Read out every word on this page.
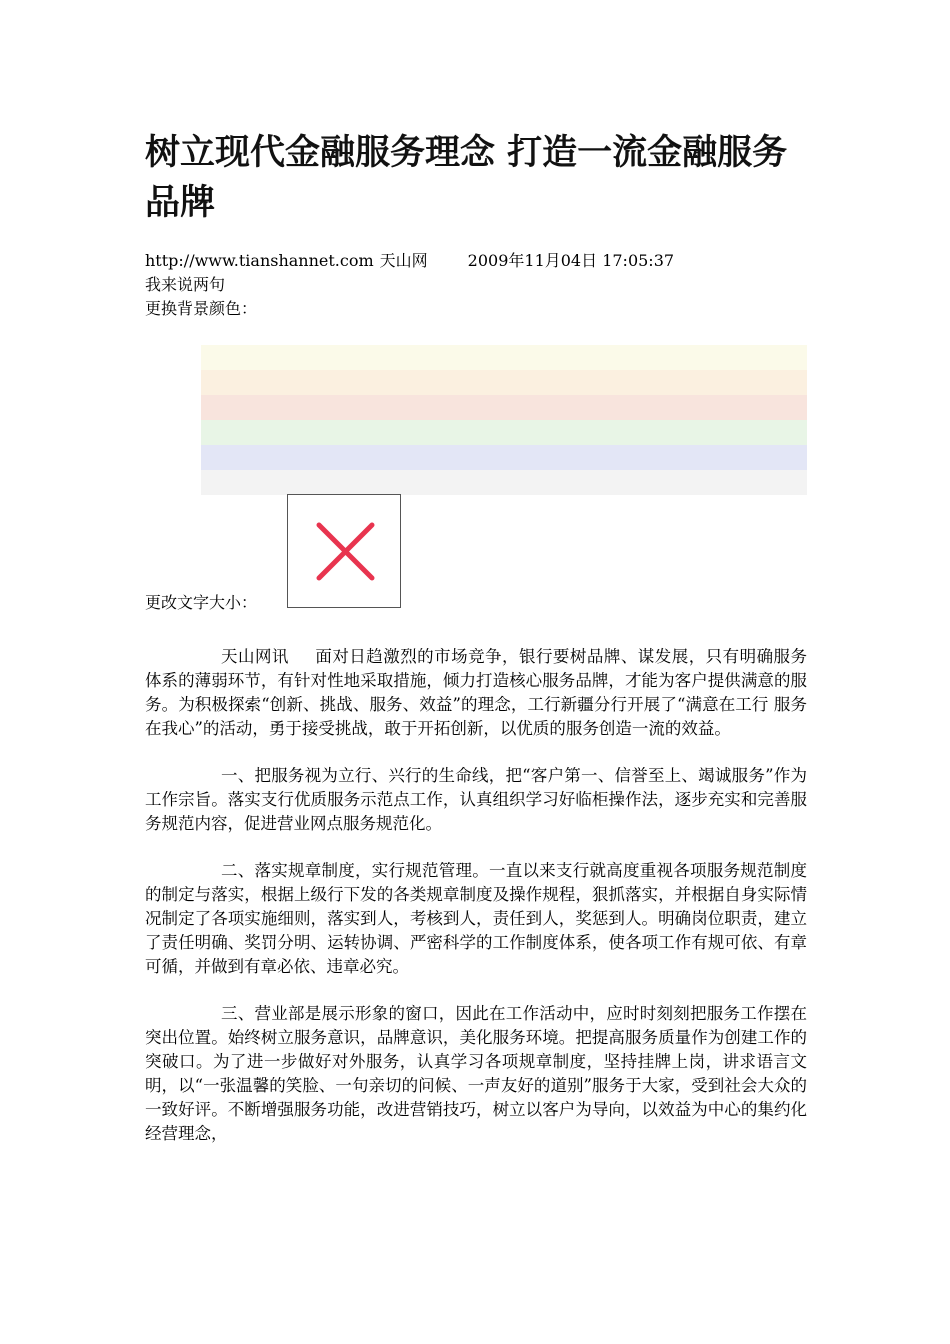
树立现代金融服务理念 打造一流金融服务品牌
http://www.tianshannet.com 天山网	2009年11月04日 17:05:37
我来说两句
更换背景颜色：
更改文字大小：

天山网讯 面对日趋激烈的市场竞争，银行要树品牌、谋发展，只有明确服务体系的薄弱环节，有针对性地采取措施，倾力打造核心服务品牌，才能为客户提供满意的服务。为积极探索“创新、挑战、服务、效益”的理念，工行新疆分行开展了“满意在工行 服务在我心”的活动，勇于接受挑战，敢于开拓创新，以优质的服务创造一流的效益。

一、把服务视为立行、兴行的生命线，把“客户第一、信誉至上、竭诚服务”作为工作宗旨。落实支行优质服务示范点工作，认真组织学习好临柜操作法，逐步充实和完善服务规范内容，促进营业网点服务规范化。

二、落实规章制度，实行规范管理。一直以来支行就高度重视各项服务规范制度的制定与落实，根据上级行下发的各类规章制度及操作规程，狠抓落实，并根据自身实际情况制定了各项实施细则，落实到人，考核到人，责任到人，奖惩到人。明确岗位职责，建立了责任明确、奖罚分明、运转协调、严密科学的工作制度体系，使各项工作有规可依、有章可循，并做到有章必依、违章必究。

三、营业部是展示形象的窗口，因此在工作活动中，应时时刻刻把服务工作摆在突出位置。始终树立服务意识，品牌意识，美化服务环境。把提高服务质量作为创建工作的突破口。为了进一步做好对外服务，认真学习各项规章制度，坚持挂牌上岗，讲求语言文明，以“一张温馨的笑脸、一句亲切的问候、一声友好的道别”服务于大家，受到社会大众的一致好评。不断增强服务功能，改进营销技巧，树立以客户为导向，以效益为中心的集约化经营理念，
